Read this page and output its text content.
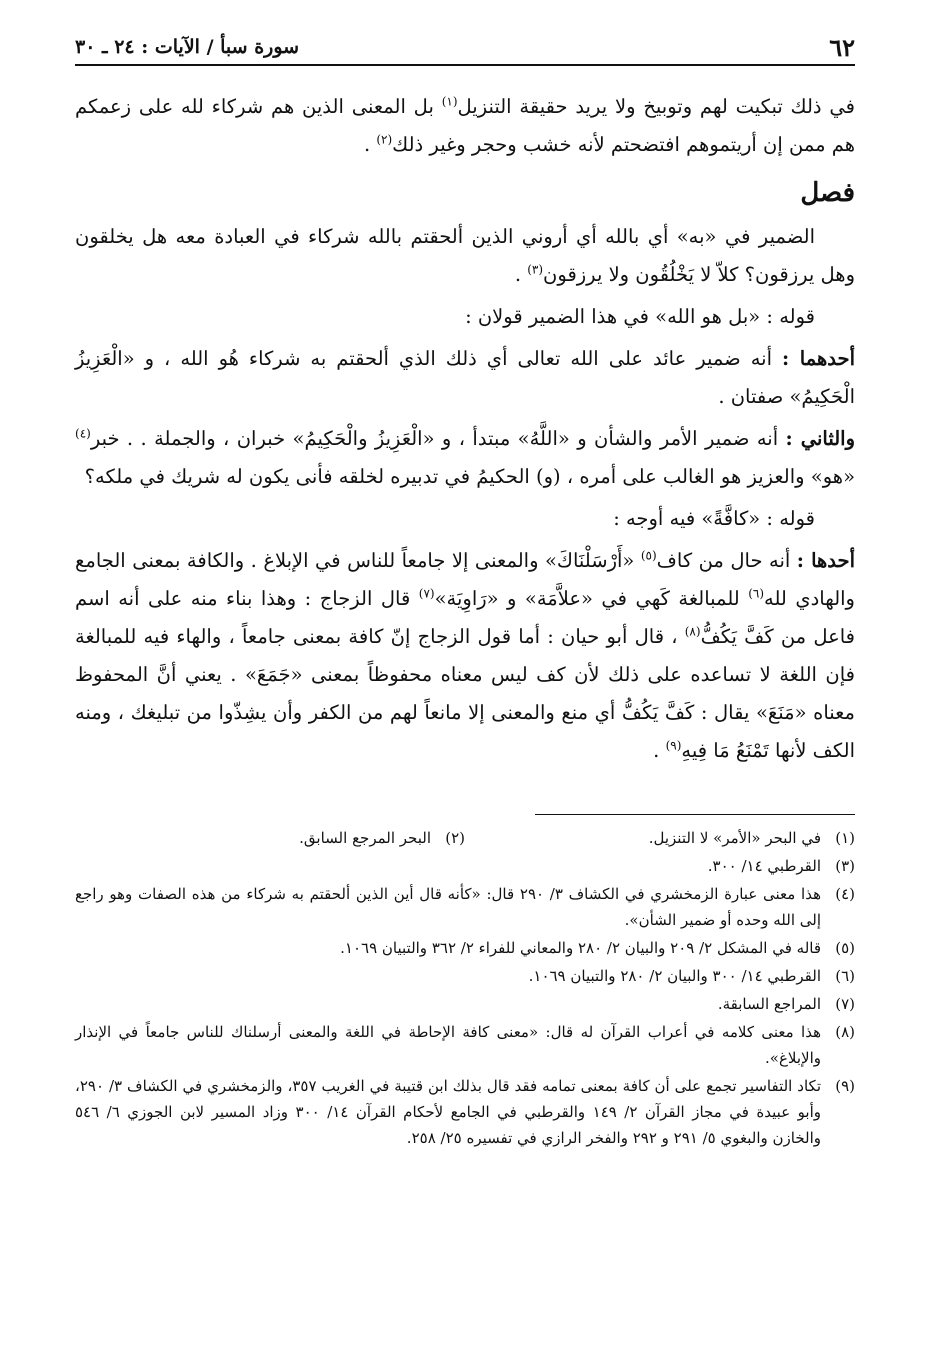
٦٢
سورة سبأ / الآيات : ٢٤ ـ ٣٠

في ذلك تبكيت لهم وتوبيخ ولا يريد حقيقة التنزيل$^{(١)}$ بل المعنى الذين هم شركاء لله على زعمكم هم ممن إن أريتموهم افتضحتم لأنه خشب وحجر وغير ذلك$^{(٢)}$ .

فصل

الضمير في «به» أي بالله أي أروني الذين ألحقتم بالله شركاء في العبادة معه هل يخلقون وهل يرزقون؟ كلاّ لا يَخْلُقُون ولا يرزقون$^{(٣)}$ .

قوله : «بل هو الله» في هذا الضمير قولان :

أحدهما : أنه ضمير عائد على الله تعالى أي ذلك الذي ألحقتم به شركاء هُو الله ، و «الْعَزِيزُ الْحَكِيمُ» صفتان .

والثاني : أنه ضمير الأمر والشأن و «اللَّهُ» مبتدأ ، و «الْعَزِيزُ والْحَكِيمُ» خبران ، والجملة . . خبر$^{(٤)}$ «هو» والعزيز هو الغالب على أمره ، (و) الحكيمُ في تدبيره لخلقه فأنى يكون له شريك في ملكه؟

قوله : «كافَّةً» فيه أوجه :

أحدها : أنه حال من كاف$^{(٥)}$ «أَرْسَلْنَاكَ» والمعنى إلا جامعاً للناس في الإبلاغ . والكافة بمعنى الجامع والهادي لله$^{(٦)}$ للمبالغة كَهي في «علاَّمَة» و «رَاوِيَة»$^{(٧)}$ قال الزجاج : وهذا بناء منه على أنه اسم فاعل من كَفَّ يَكُفُّ$^{(٨)}$ ، قال أبو حيان : أما قول الزجاج إنّ كافة بمعنى جامعاً ، والهاء فيه للمبالغة فإن اللغة لا تساعده على ذلك لأن كف ليس معناه محفوظاً بمعنى «جَمَعَ» . يعني أنَّ المحفوظ معناه «مَنَعَ» يقال : كَفَّ يَكُفُّ أي منع والمعنى إلا مانعاً لهم من الكفر وأن يشِذّوا من تبليغك ، ومنه الكف لأنها تَمْنَعُ مَا فِيهِ$^{(٩)}$ .

(١)
في البحر «الأمر» لا التنزيل.
(٢)
البحر المرجع السابق.
(٣)
القرطبي ١٤/ ٣٠٠.
(٤)
هذا معنى عبارة الزمخشري في الكشاف ٣/ ٢٩٠ قال: «كأنه قال أين الذين ألحقتم به شركاء من هذه الصفات وهو راجع إلى الله وحده أو ضمير الشأن».
(٥)
قاله في المشكل ٢/ ٢٠٩ والبيان ٢/ ٢٨٠ والمعاني للفراء ٢/ ٣٦٢ والتبيان ١٠٦٩.
(٦)
القرطبي ١٤/ ٣٠٠ والبيان ٢/ ٢٨٠ والتبيان ١٠٦٩.
(٧)
المراجع السابقة.
(٨)
هذا معنى كلامه في أعراب القرآن له قال: «معنى كافة الإحاطة في اللغة والمعنى أرسلناك للناس جامعاً في الإنذار والإبلاغ».
(٩)
تكاد التفاسير تجمع على أن كافة بمعنى تمامه فقد قال بذلك ابن قتيبة في الغريب ٣٥٧، والزمخشري في الكشاف ٣/ ٢٩٠، وأبو عبيدة في مجاز القرآن ٢/ ١٤٩ والقرطبي في الجامع لأحكام القرآن ١٤/ ٣٠٠ وزاد المسير لابن الجوزي ٦/ ٥٤٦ والخازن والبغوي ٥/ ٢٩١ و ٢٩٢ والفخر الرازي في تفسيره ٢٥/ ٢٥٨.
